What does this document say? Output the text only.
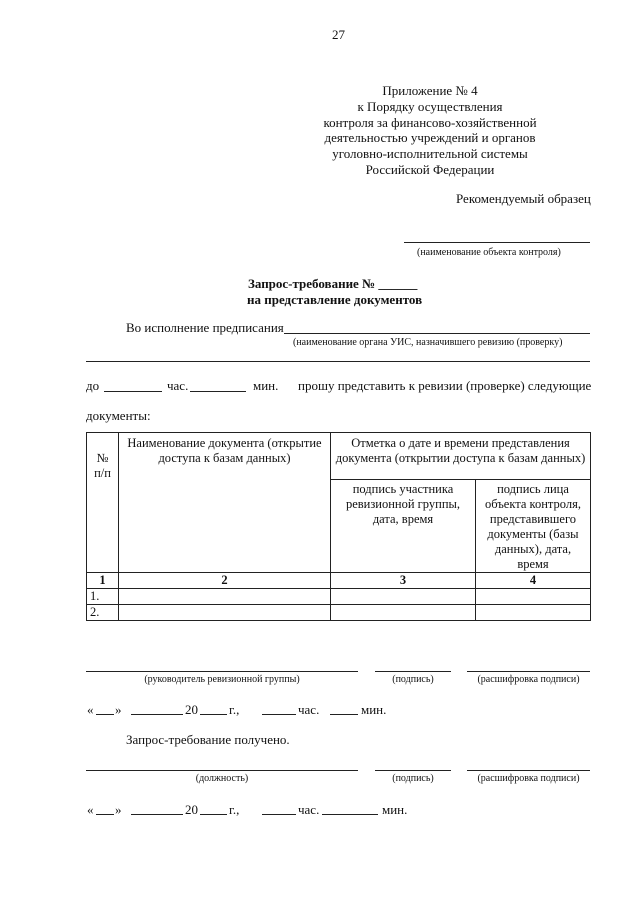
27
Приложение № 4
к Порядку осуществления
контроля за финансово-хозяйственной
деятельностью учреждений и органов
уголовно-исполнительной системы
Российской Федерации
Рекомендуемый образец
(наименование объекта контроля)
Запрос-требование № ______
на представление документов
Во исполнение предписания
(наименование органа УИС, назначившего ревизию (проверку)
до	час.	мин. прошу представить к ревизии (проверке) следующие
документы:
№ п/п	Наименование документа (открытие доступа к базам данных)	Отметка о дате и времени представления документа (открытии доступа к базам данных)	
		подпись участника ревизионной группы, дата, время	подпись лица объекта контроля, представившего документы (базы данных), дата, время
1	2	3	4
1.			
2.			
(руководитель ревизионной группы)	(подпись)	(расшифровка подписи)
« »	20 г.,	час.	мин.
Запрос-требование получено.
(должность)	(подпись)	(расшифровка подписи)
« »	20 г.,	час.	мин.
